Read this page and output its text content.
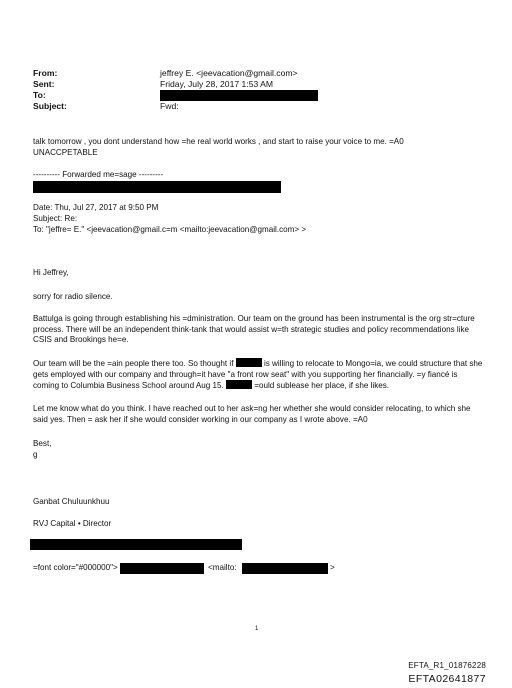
From:	jeffrey E. <jeevacation@gmail.com>
Sent:	Friday, July 28, 2017 1:53 AM
To:
Subject:	Fwd:
talk tomorrow , you dont understand how =he real world works , and start to raise your voice to me. =A0
UNACCPETABLE
---------- Forwarded me=sage ---------
Date: Thu, Jul 27, 2017 at 9:50 PM
Subject: Re:
To: "jeffre= E." <jeevacation@gmail.c=m <mailto:jeevacation@gmail.com> >
Hi Jeffrey,
sorry for radio silence.
Battulga is going through establishing his =dministration. Our team on the ground has been instrumental is the org str=cture process. There will be an independent think-tank that would assist w=th strategic studies and policy recommendations like CSIS and Brookings he=e.
Our team will be the =ain people there too. So thought if	is willing to relocate to Mongo=ia, we could structure that she gets employed with our company and through=it have "a front row seat" with you supporting her financially. =y fiancé is coming to Columbia Business School around Aug 15.	=ould sublease her place, if she likes.
Let me know what do you think. I have reached out to her ask=ng her whether she would consider relocating, to which she said yes. Then = ask her if she would consider working in our company as I wrote above. =A0
Best,
g
Ganbat Chuluunkhuu
RVJ Capital • Director
=font color="#000000">	<mailto:	>
1
EFTA_R1_01876228
EFTA02641877
